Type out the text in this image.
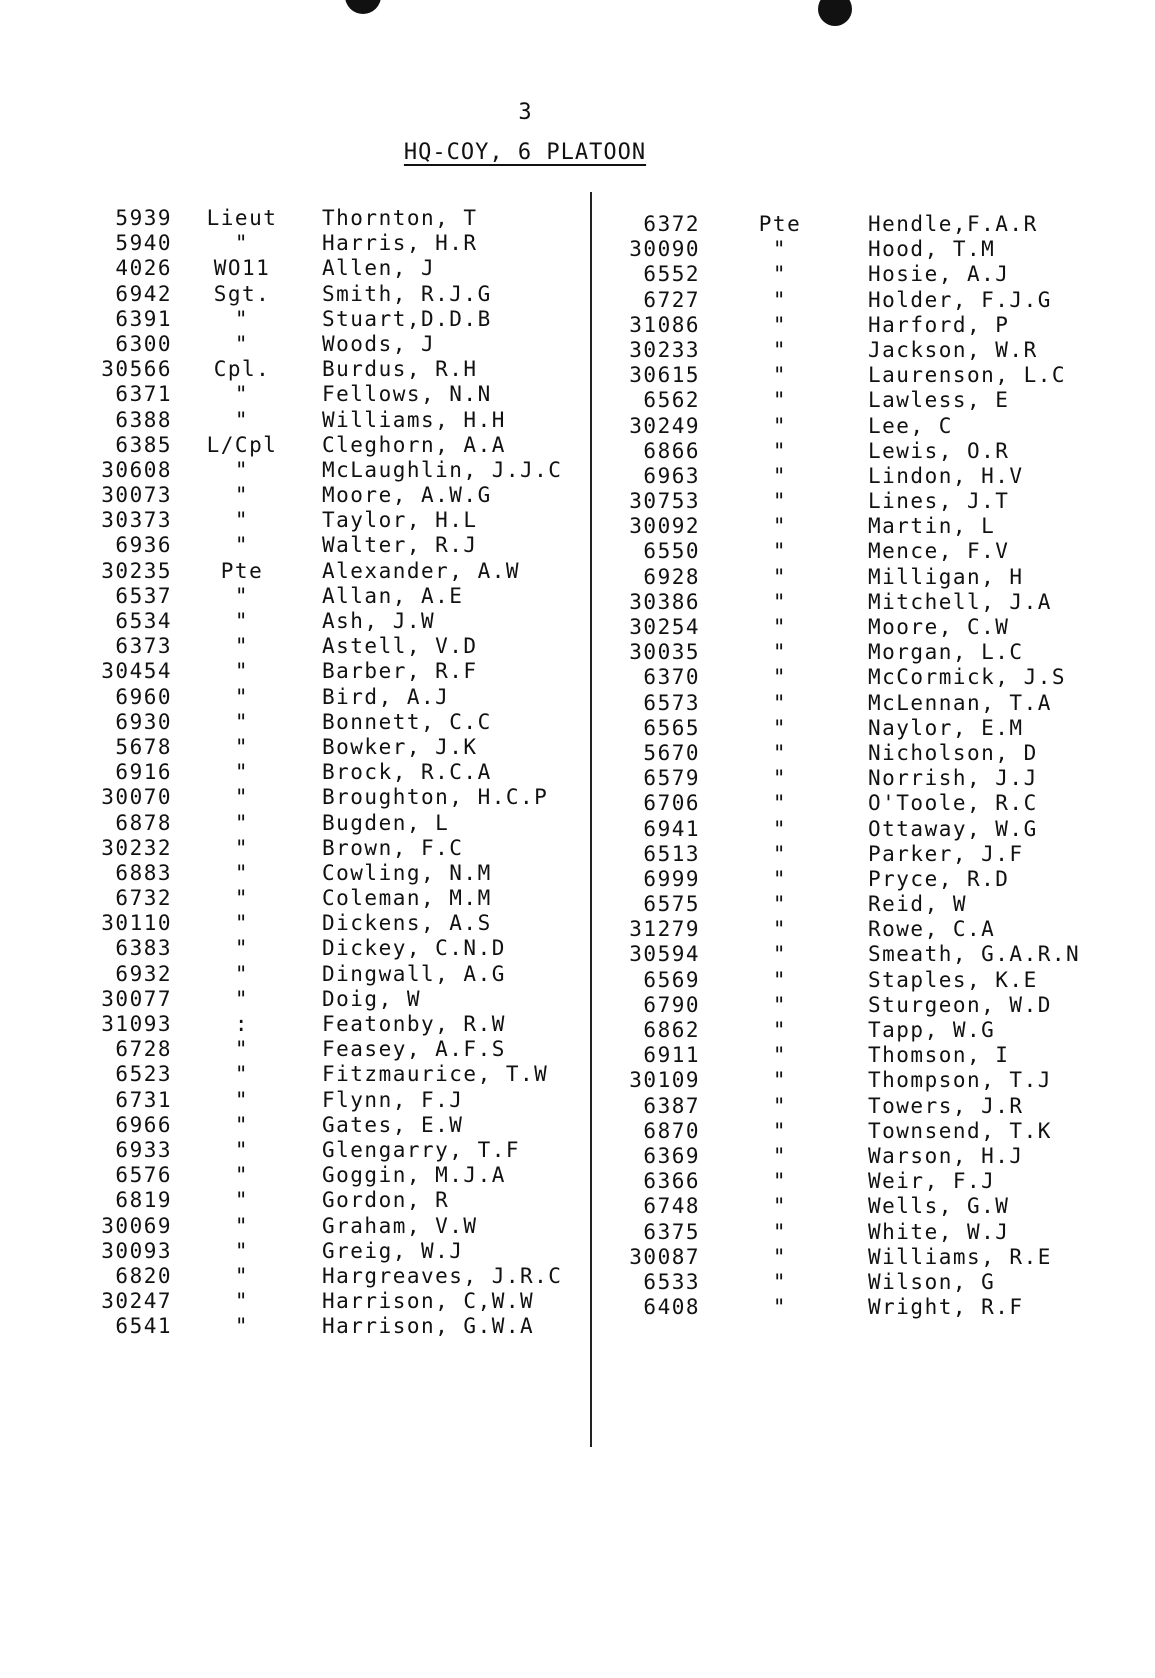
3
HQ-COY, 6 PLATOON
5939	Lieut	Thornton, T
5940	"	Harris, H.R
4026	WO11	Allen, J
6942	Sgt.	Smith, R.J.G
6391	"	Stuart,D.D.B
6300	"	Woods, J
30566	Cpl.	Burdus, R.H
6371	"	Fellows, N.N
6388	"	Williams, H.H
6385	L/Cpl	Cleghorn, A.A
30608	"	McLaughlin, J.J.C
30073	"	Moore, A.W.G
30373	"	Taylor, H.L
6936	"	Walter, R.J
30235	Pte	Alexander, A.W
6537	"	Allan, A.E
6534	"	Ash, J.W
6373	"	Astell, V.D
30454	"	Barber, R.F
6960	"	Bird, A.J
6930	"	Bonnett, C.C
5678	"	Bowker, J.K
6916	"	Brock, R.C.A
30070	"	Broughton, H.C.P
6878	"	Bugden, L
30232	"	Brown, F.C
6883	"	Cowling, N.M
6732	"	Coleman, M.M
30110	"	Dickens, A.S
6383	"	Dickey, C.N.D
6932	"	Dingwall, A.G
30077	"	Doig, W
31093	:	Featonby, R.W
6728	"	Feasey, A.F.S
6523	"	Fitzmaurice, T.W
6731	"	Flynn, F.J
6966	"	Gates, E.W
6933	"	Glengarry, T.F
6576	"	Goggin, M.J.A
6819	"	Gordon, R
30069	"	Graham, V.W
30093	"	Greig, W.J
6820	"	Hargreaves, J.R.C
30247	"	Harrison, C,W.W
6541	"	Harrison, G.W.A
6372	Pte	Hendle,F.A.R
30090	"	Hood, T.M
6552	"	Hosie, A.J
6727	"	Holder, F.J.G
31086	"	Harford, P
30233	"	Jackson, W.R
30615	"	Laurenson, L.C
6562	"	Lawless, E
30249	"	Lee, C
6866	"	Lewis, O.R
6963	"	Lindon, H.V
30753	"	Lines, J.T
30092	"	Martin, L
6550	"	Mence, F.V
6928	"	Milligan, H
30386	"	Mitchell, J.A
30254	"	Moore, C.W
30035	"	Morgan, L.C
6370	"	McCormick, J.S
6573	"	McLennan, T.A
6565	"	Naylor, E.M
5670	"	Nicholson, D
6579	"	Norrish, J.J
6706	"	O'Toole, R.C
6941	"	Ottaway, W.G
6513	"	Parker, J.F
6999	"	Pryce, R.D
6575	"	Reid, W
31279	"	Rowe, C.A
30594	"	Smeath, G.A.R.N
6569	"	Staples, K.E
6790	"	Sturgeon, W.D
6862	"	Tapp, W.G
6911	"	Thomson, I
30109	"	Thompson, T.J
6387	"	Towers, J.R
6870	"	Townsend, T.K
6369	"	Warson, H.J
6366	"	Weir, F.J
6748	"	Wells, G.W
6375	"	White, W.J
30087	"	Williams, R.E
6533	"	Wilson, G
6408	"	Wright, R.F
